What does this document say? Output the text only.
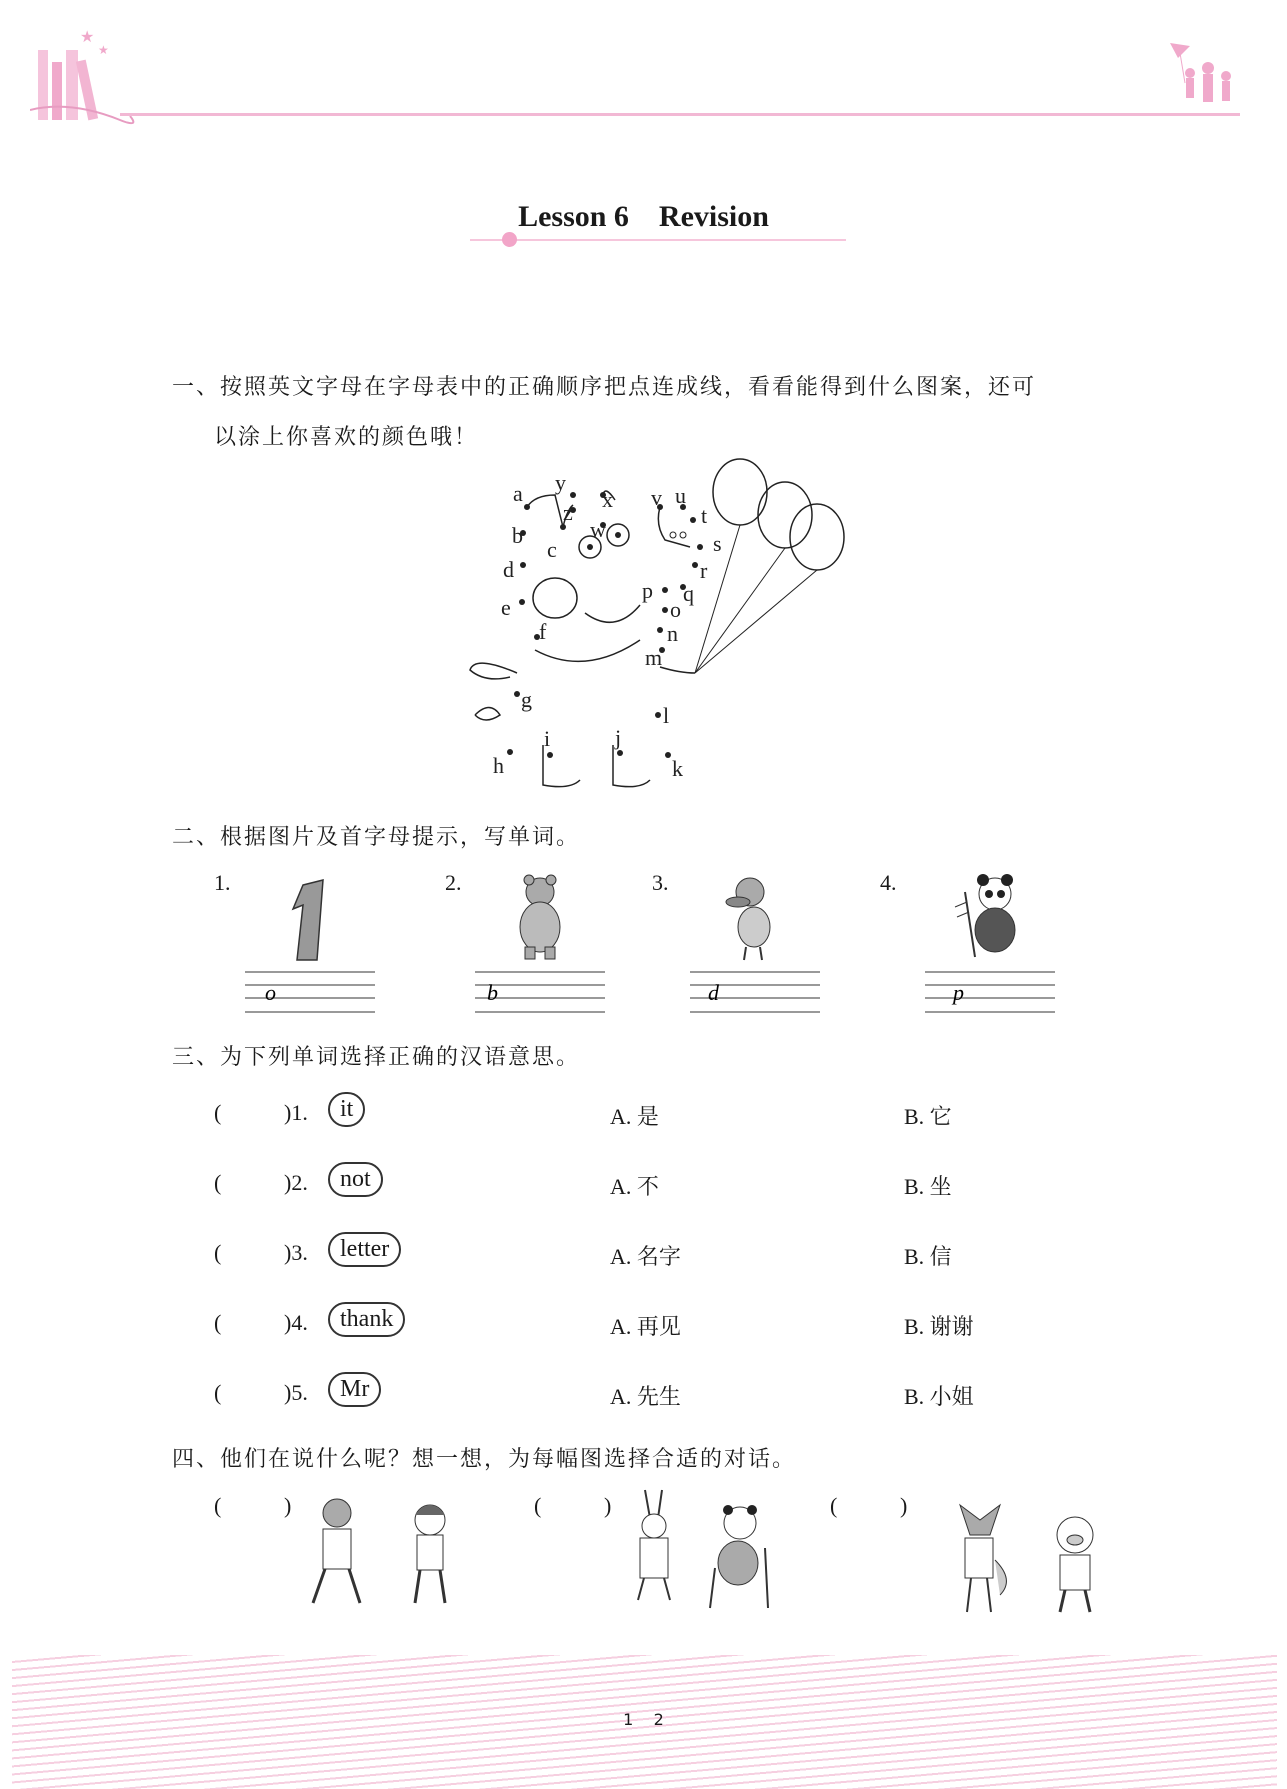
★
★
Lesson 6    Revision
一、按照英文字母在字母表中的正确顺序把点连成线，看看能得到什么图案，还可
以涂上你喜欢的颜色哦！
a
b
c
d
e
f
g
h
i	j
k
l
m
n
o
p q
r
s
t
u
v
w
x
y
z
二、根据图片及首字母提示，写单词。
1.
o
2.
b
3.
d
4.
p
三、为下列单词选择正确的汉语意思。
(	)1.	it	A. 是	B. 它
(	)2.	not	A. 不	B. 坐
(	)3.	letter	A. 名字	B. 信
(	)4.	thank	A. 再见	B. 谢谢
(	)5.	Mr	A. 先生	B. 小姐
四、他们在说什么呢？想一想，为每幅图选择合适的对话。
(	)	(	)	(	)
1    2
